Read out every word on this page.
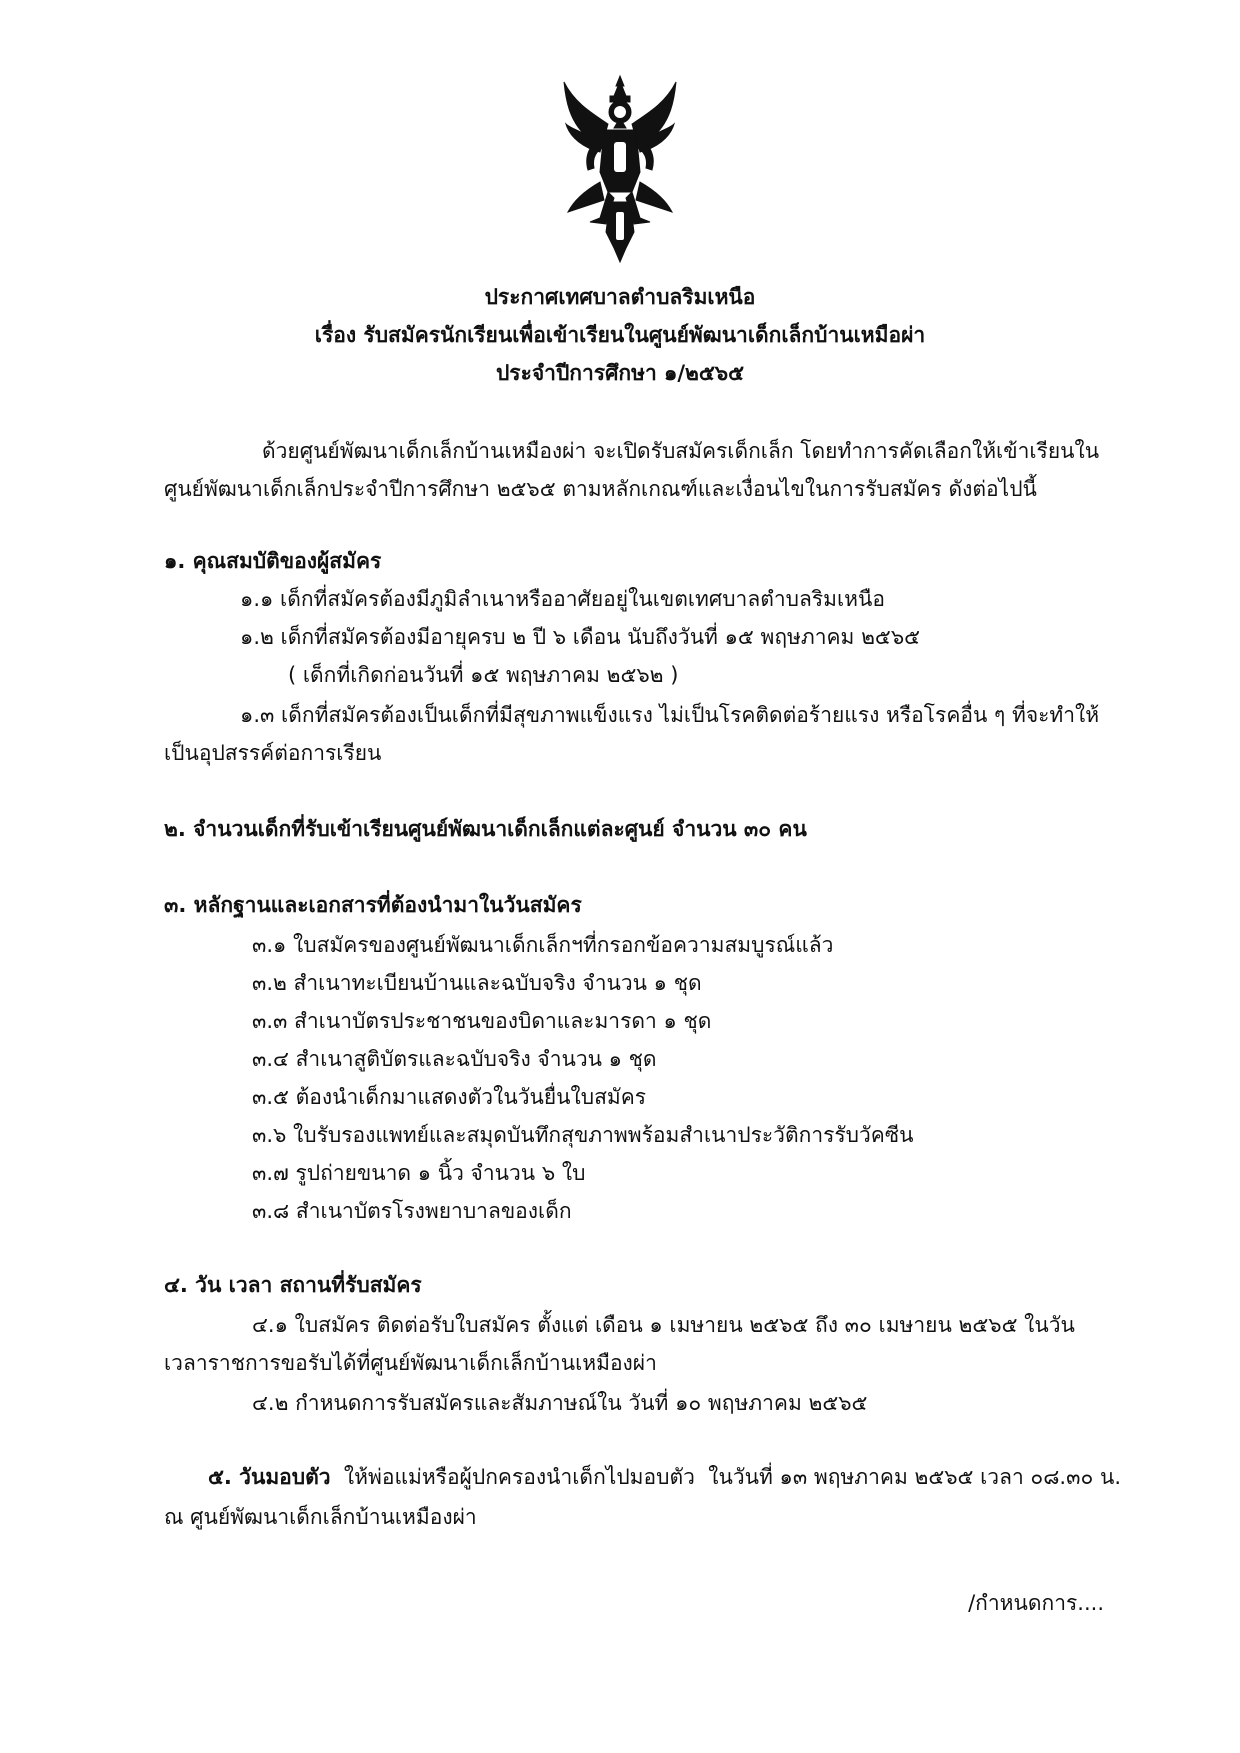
ประกาศเทศบาลตำบลริมเหนือ
เรื่อง รับสมัครนักเรียนเพื่อเข้าเรียนในศูนย์พัฒนาเด็กเล็กบ้านเหมือผ่า
ประจำปีการศึกษา ๑/๒๕๖๕
ด้วยศูนย์พัฒนาเด็กเล็กบ้านเหมืองผ่า จะเปิดรับสมัครเด็กเล็ก โดยทำการคัดเลือกให้เข้าเรียนใน
ศูนย์พัฒนาเด็กเล็กประจำปีการศึกษา ๒๕๖๕ ตามหลักเกณฑ์และเงื่อนไขในการรับสมัคร ดังต่อไปนี้
๑. คุณสมบัติของผู้สมัคร
๑.๑ เด็กที่สมัครต้องมีภูมิลำเนาหรืออาศัยอยู่ในเขตเทศบาลตำบลริมเหนือ
๑.๒ เด็กที่สมัครต้องมีอายุครบ ๒ ปี ๖ เดือน นับถึงวันที่ ๑๕ พฤษภาคม ๒๕๖๕
( เด็กที่เกิดก่อนวันที่ ๑๕ พฤษภาคม ๒๕๖๒ )
๑.๓ เด็กที่สมัครต้องเป็นเด็กที่มีสุขภาพแข็งแรง ไม่เป็นโรคติดต่อร้ายแรง หรือโรคอื่น ๆ ที่จะทำให้
เป็นอุปสรรค์ต่อการเรียน
๒. จำนวนเด็กที่รับเข้าเรียนศูนย์พัฒนาเด็กเล็กแต่ละศูนย์ จำนวน ๓๐ คน
๓. หลักฐานและเอกสารที่ต้องนำมาในวันสมัคร
๓.๑ ใบสมัครของศูนย์พัฒนาเด็กเล็กฯที่กรอกข้อความสมบูรณ์แล้ว
๓.๒ สำเนาทะเบียนบ้านและฉบับจริง จำนวน ๑ ชุด
๓.๓ สำเนาบัตรประชาชนของบิดาและมารดา ๑ ชุด
๓.๔ สำเนาสูติบัตรและฉบับจริง จำนวน ๑ ชุด
๓.๕ ต้องนำเด็กมาแสดงตัวในวันยื่นใบสมัคร
๓.๖ ใบรับรองแพทย์และสมุดบันทึกสุขภาพพร้อมสำเนาประวัติการรับวัคซีน
๓.๗ รูปถ่ายขนาด ๑ นิ้ว จำนวน ๖ ใบ
๓.๘ สำเนาบัตรโรงพยาบาลของเด็ก
๔. วัน เวลา สถานที่รับสมัคร
๔.๑ ใบสมัคร ติดต่อรับใบสมัคร ตั้งแต่ เดือน ๑ เมษายน ๒๕๖๕ ถึง ๓๐ เมษายน ๒๕๖๕ ในวัน
เวลาราชการขอรับได้ที่ศูนย์พัฒนาเด็กเล็กบ้านเหมืองผ่า
๔.๒ กำหนดการรับสมัครและสัมภาษณ์ใน วันที่ ๑๐ พฤษภาคม ๒๕๖๕
๕. วันมอบตัว  ให้พ่อแม่หรือผู้ปกครองนำเด็กไปมอบตัว  ในวันที่ ๑๓ พฤษภาคม ๒๕๖๕ เวลา ๐๘.๓๐ น.
ณ ศูนย์พัฒนาเด็กเล็กบ้านเหมืองผ่า
/กำหนดการ....
